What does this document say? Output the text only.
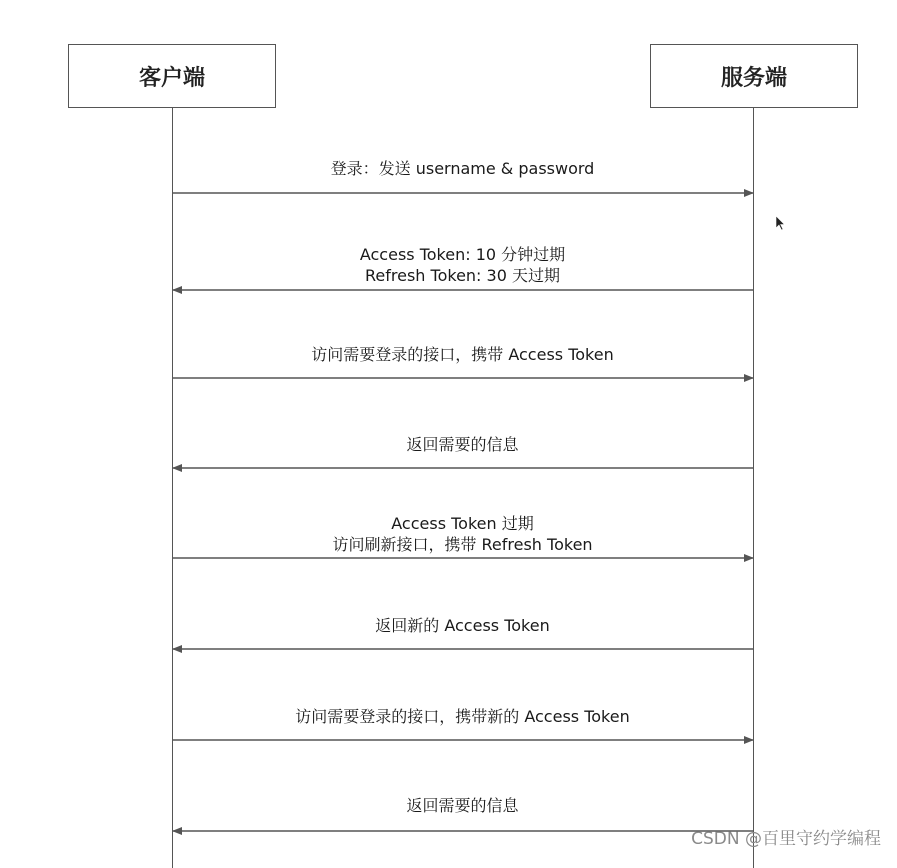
客户端	服务端
登录：发送 username & password
Access Token: 10 分钟过期
Refresh Token: 30 天过期
访问需要登录的接口，携带 Access Token
返回需要的信息
Access Token 过期
访问刷新接口，携带 Refresh Token
返回新的 Access Token
访问需要登录的接口，携带新的 Access Token
返回需要的信息
CSDN @百里守约学编程
